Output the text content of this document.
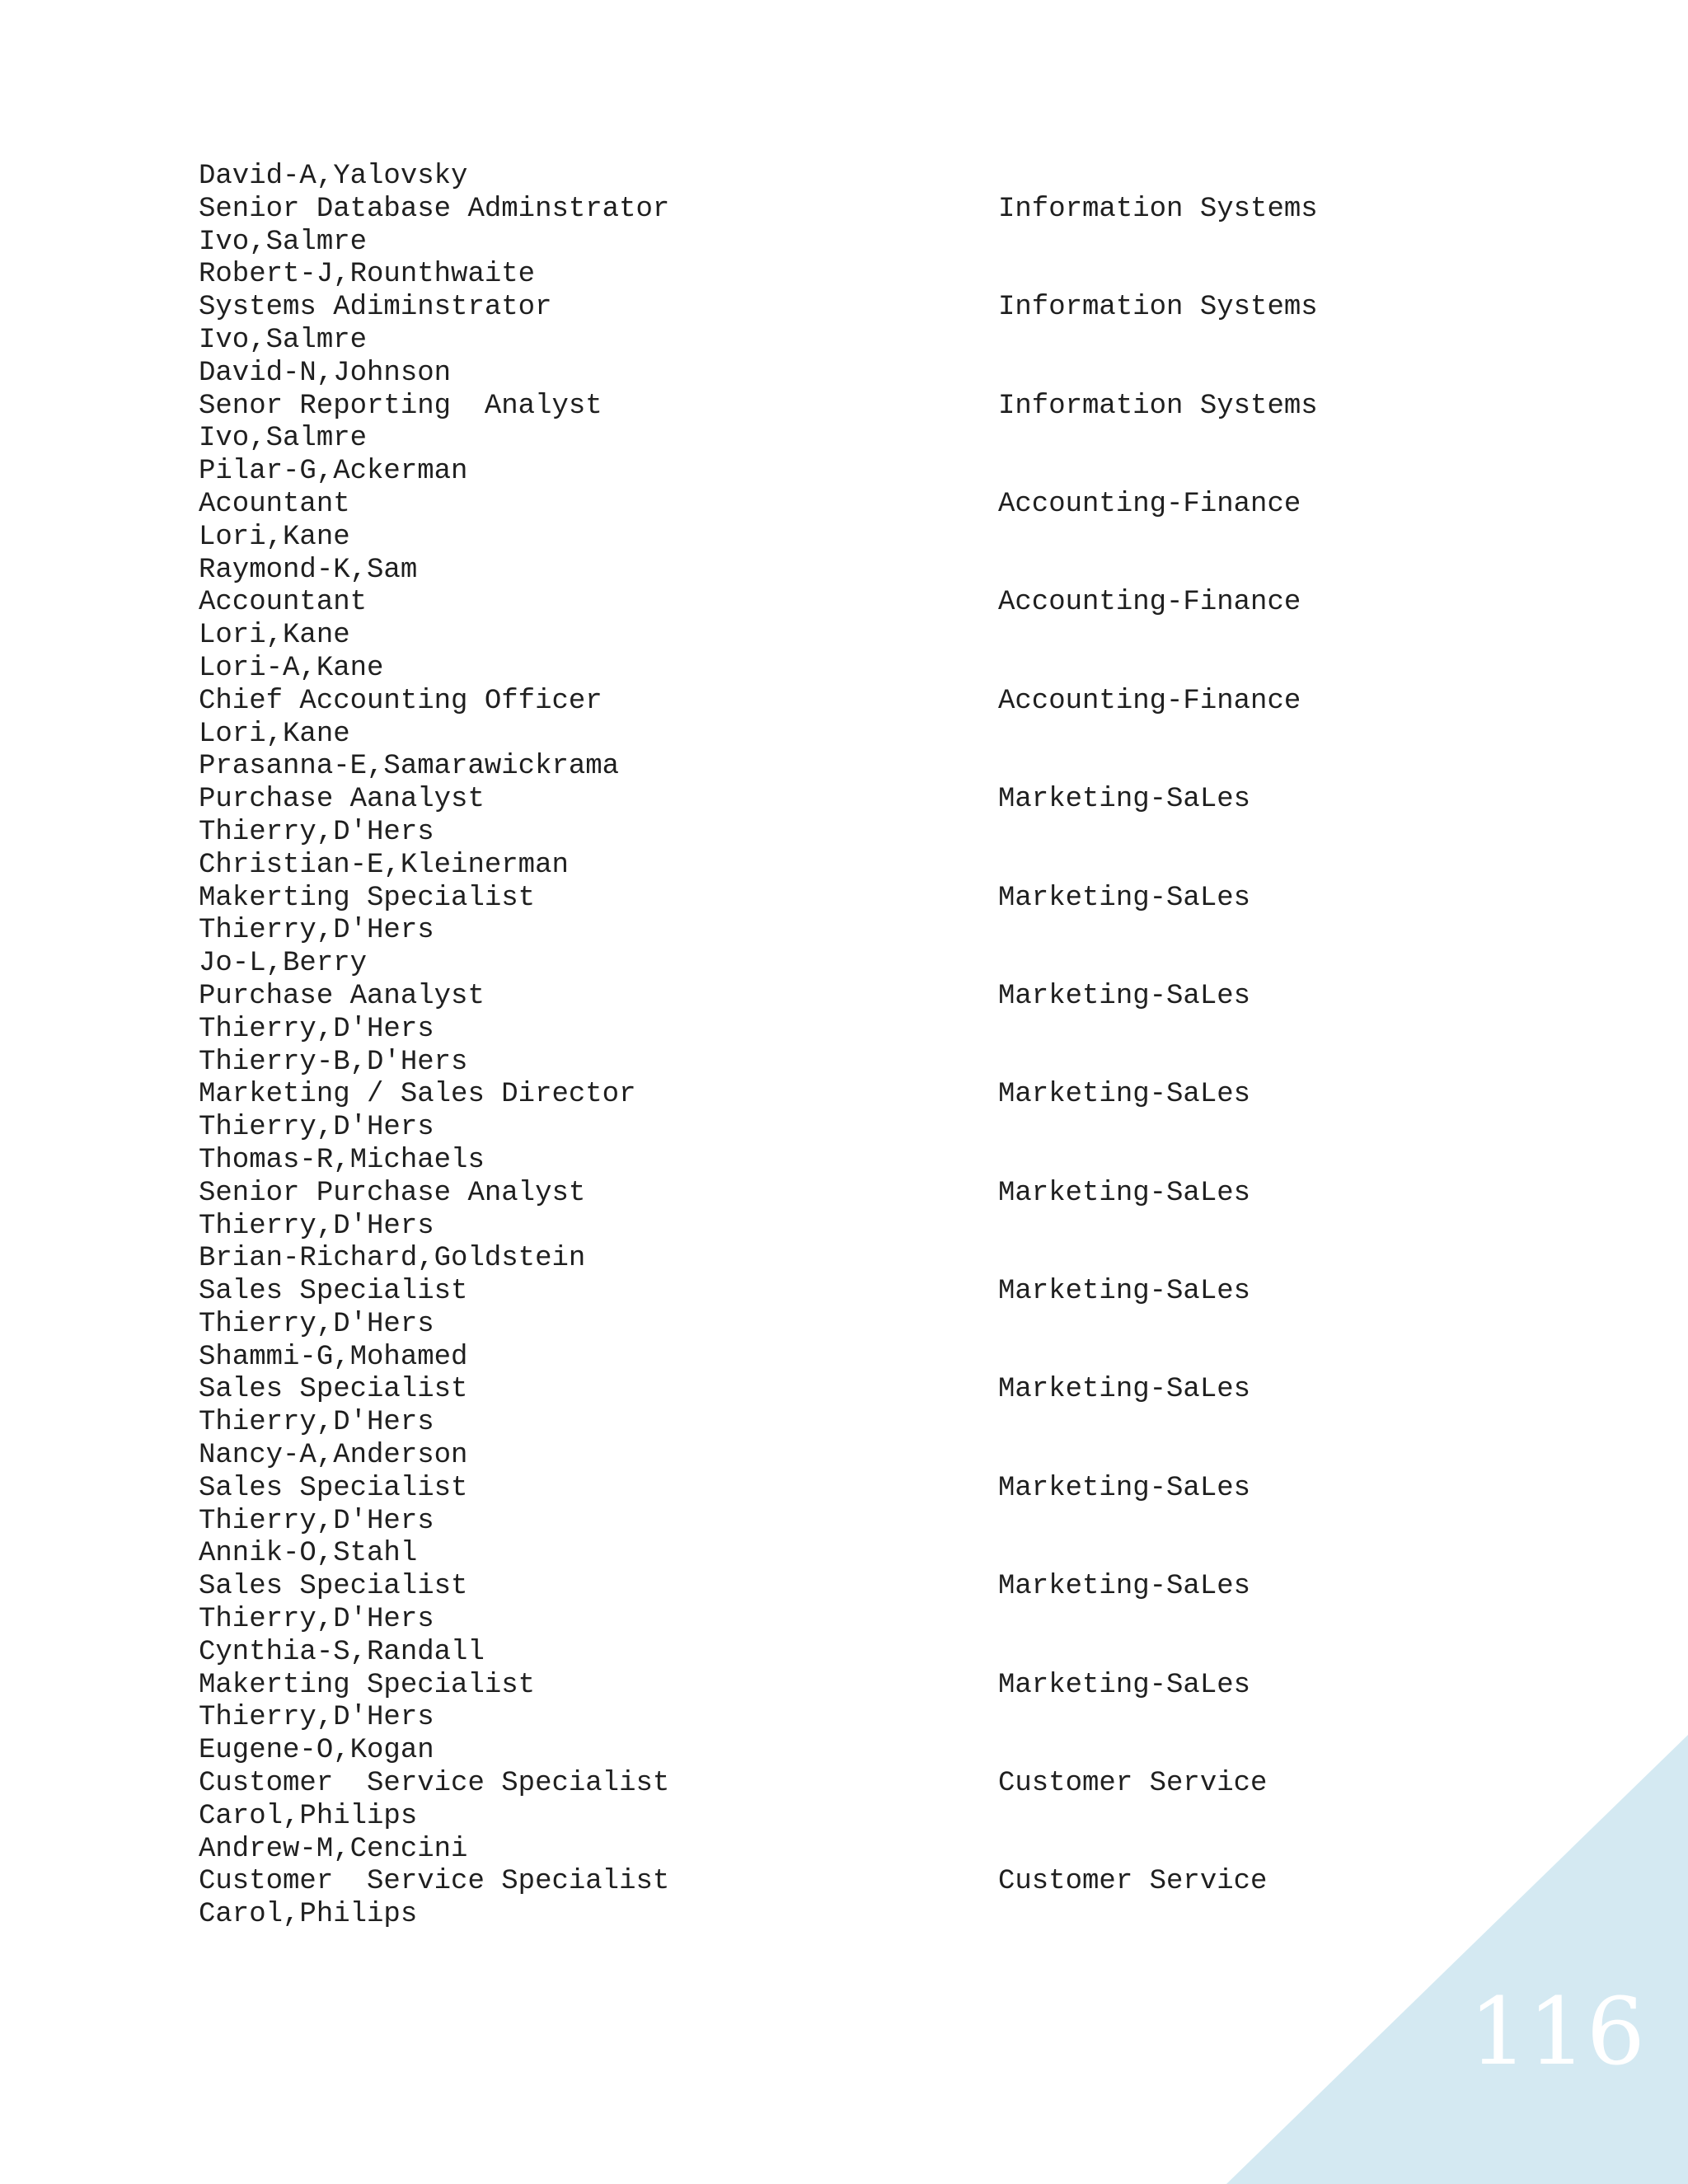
David-A,Yalovsky
Senior Database Adminstrator	Information Systems
Ivo,Salmre
Robert-J,Rounthwaite
Systems Adiminstrator	Information Systems
Ivo,Salmre
David-N,Johnson
Senor Reporting  Analyst	Information Systems
Ivo,Salmre
Pilar-G,Ackerman
Acountant	Accounting-Finance
Lori,Kane
Raymond-K,Sam
Accountant	Accounting-Finance
Lori,Kane
Lori-A,Kane
Chief Accounting Officer	Accounting-Finance
Lori,Kane
Prasanna-E,Samarawickrama
Purchase Aanalyst	Marketing-SaLes
Thierry,D'Hers
Christian-E,Kleinerman
Makerting Specialist	Marketing-SaLes
Thierry,D'Hers
Jo-L,Berry
Purchase Aanalyst	Marketing-SaLes
Thierry,D'Hers
Thierry-B,D'Hers
Marketing / Sales Director	Marketing-SaLes
Thierry,D'Hers
Thomas-R,Michaels
Senior Purchase Analyst	Marketing-SaLes
Thierry,D'Hers
Brian-Richard,Goldstein
Sales Specialist	Marketing-SaLes
Thierry,D'Hers
Shammi-G,Mohamed
Sales Specialist	Marketing-SaLes
Thierry,D'Hers
Nancy-A,Anderson
Sales Specialist	Marketing-SaLes
Thierry,D'Hers
Annik-O,Stahl
Sales Specialist	Marketing-SaLes
Thierry,D'Hers
Cynthia-S,Randall
Makerting Specialist	Marketing-SaLes
Thierry,D'Hers
Eugene-O,Kogan
Customer  Service Specialist	Customer Service
Carol,Philips
Andrew-M,Cencini
Customer  Service Specialist	Customer Service
Carol,Philips
116
